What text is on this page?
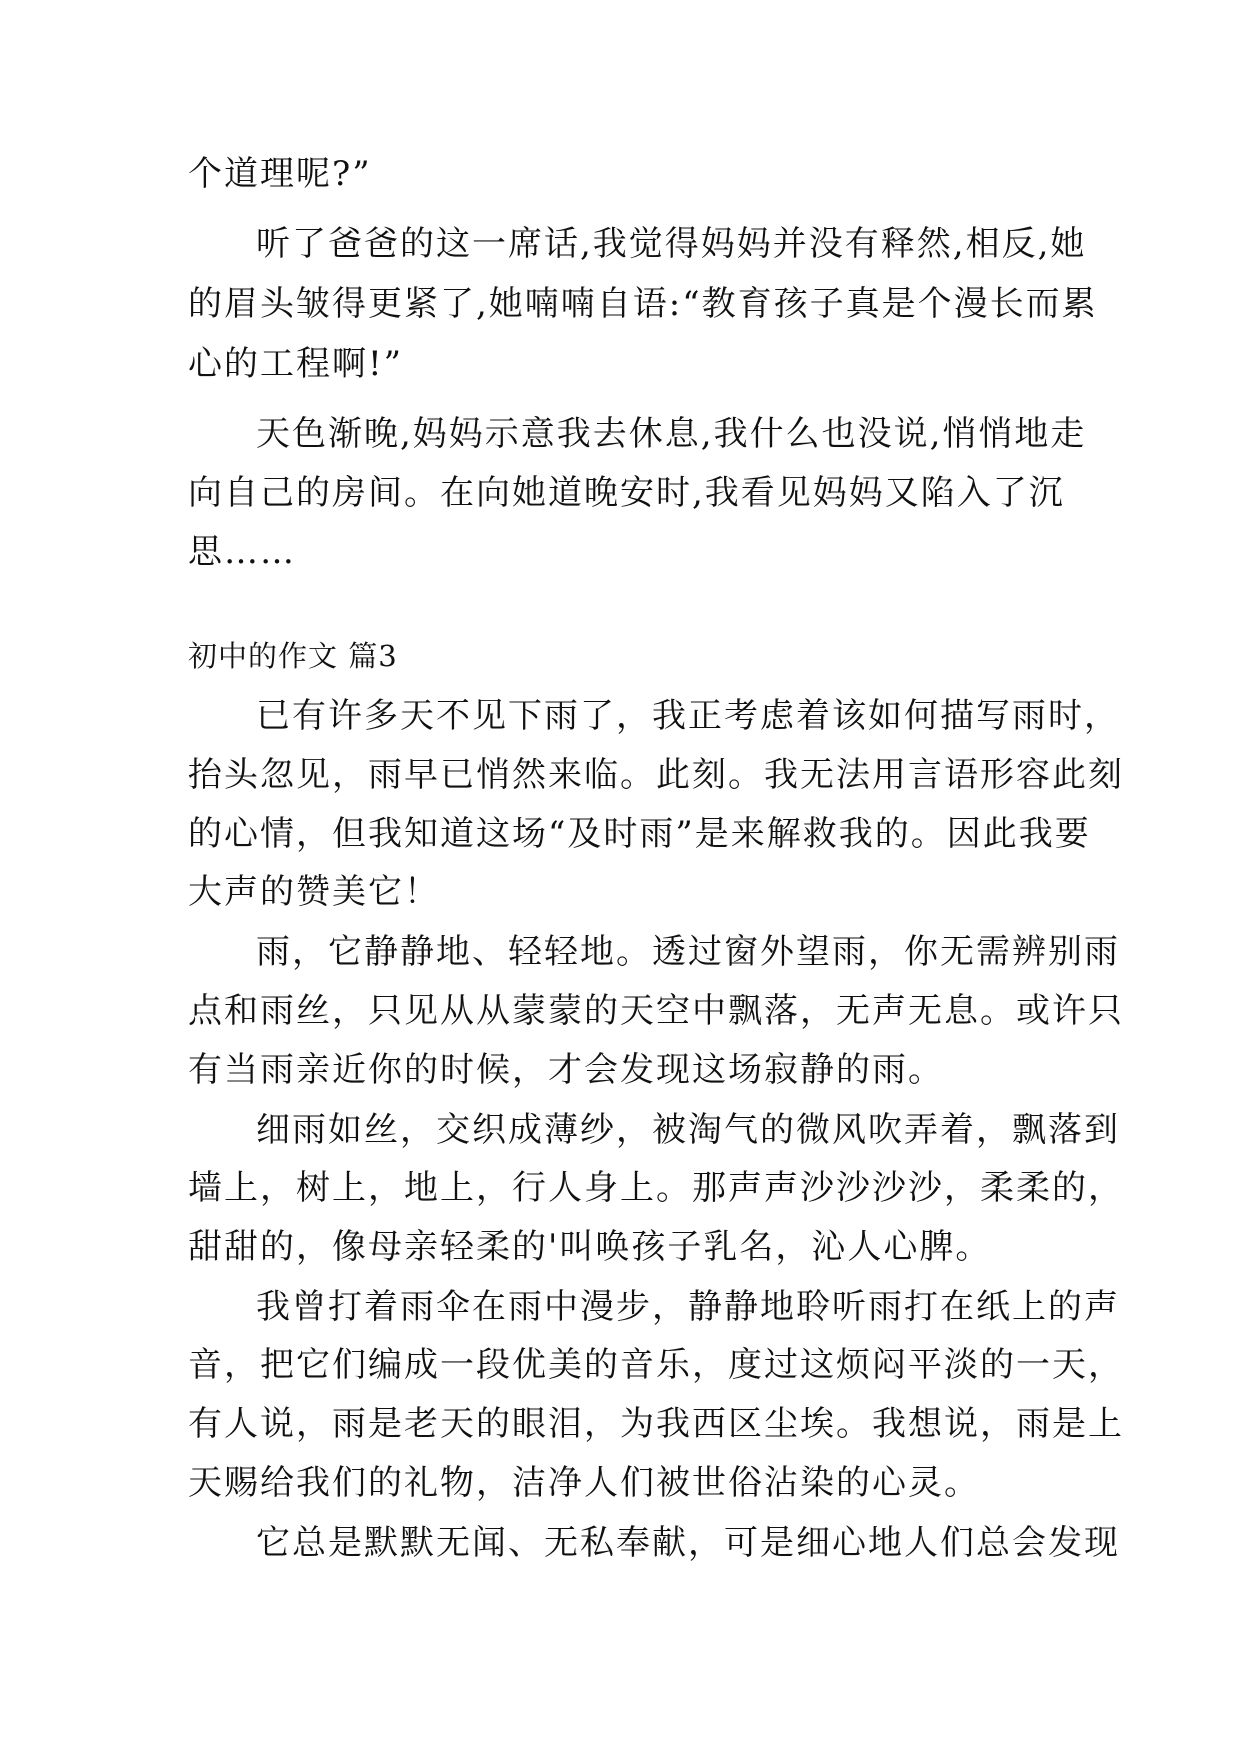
个道理呢?”
听了爸爸的这一席话,我觉得妈妈并没有释然,相反,她
的眉头皱得更紧了,她喃喃自语:“教育孩子真是个漫长而累
心的工程啊!”
天色渐晚,妈妈示意我去休息,我什么也没说,悄悄地走
向自己的房间。在向她道晚安时,我看见妈妈又陷入了沉
思……
初中的作文 篇3
已有许多天不见下雨了，我正考虑着该如何描写雨时，
抬头忽见，雨早已悄然来临。此刻。我无法用言语形容此刻
的心情，但我知道这场“及时雨”是来解救我的。因此我要
大声的赞美它！
雨，它静静地、轻轻地。透过窗外望雨，你无需辨别雨
点和雨丝，只见从从蒙蒙的天空中飘落，无声无息。或许只
有当雨亲近你的时候，才会发现这场寂静的雨。
细雨如丝，交织成薄纱，被淘气的微风吹弄着，飘落到
墙上，树上，地上，行人身上。那声声沙沙沙沙，柔柔的，
甜甜的，像母亲轻柔的'叫唤孩子乳名，沁人心脾。
我曾打着雨伞在雨中漫步，静静地聆听雨打在纸上的声
音，把它们编成一段优美的音乐，度过这烦闷平淡的一天，
有人说，雨是老天的眼泪，为我西区尘埃。我想说，雨是上
天赐给我们的礼物，洁净人们被世俗沾染的心灵。
它总是默默无闻、无私奉献，可是细心地人们总会发现
